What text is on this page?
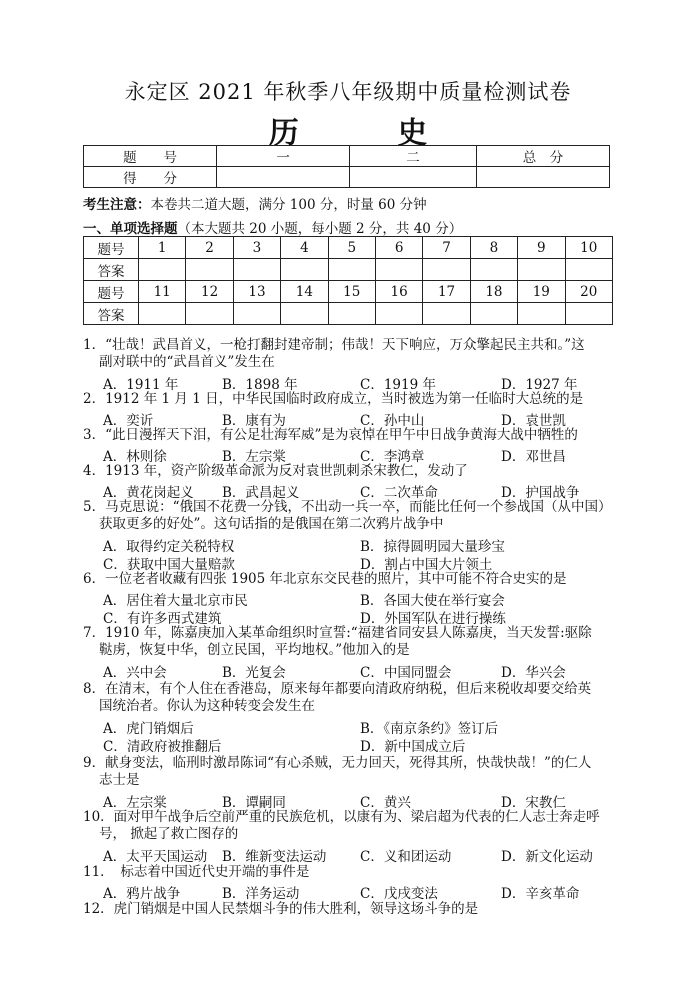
永定区 2021 年秋季八年级期中质量检测试卷
历 史
题　　号	一	二	总　分
得　　分			
考生注意：本卷共二道大题，满分 100 分，时量 60 分钟
一、单项选择题（本大题共 20 小题，每小题 2 分，共 40 分）
题号	1	2	3	4	5	6	7	8	9	10
答案										
题号	11	12	13	14	15	16	17	18	19	20
答案										
1．“壮哉！武昌首义，一枪打翻封建帝制；伟哉！天下响应，万众擎起民主共和。”这
副对联中的“武昌首义”发生在
A．1911 年	B．1898 年	C．1919 年	D．1927 年
2．1912 年 1 月 1 日，中华民国临时政府成立，当时被选为第一任临时大总统的是
A．奕䜣	B．康有为	C．孙中山	D．袁世凯
3．“此日漫挥天下泪，有公足壮海军威”是为哀悼在甲午中日战争黄海大战中牺牲的
A．林则徐	B．左宗棠	C．李鸿章	D．邓世昌
4．1913 年，资产阶级革命派为反对袁世凯刺杀宋教仁，发动了
A．黄花岗起义 B．武昌起义	C．二次革命	D．护国战争
5．马克思说：“俄国不花费一分钱，不出动一兵一卒，而能比任何一个参战国（从中国）
获取更多的好处”。这句话指的是俄国在第二次鸦片战争中
A．取得约定关税特权	B．掠得圆明园大量珍宝
C．获取中国大量赔款	D．割占中国大片领土
6．一位老者收藏有四张 1905 年北京东交民巷的照片，其中可能不符合史实的是
A．居住着大量北京市民	B．各国大使在举行宴会
C．有许多西式建筑	D．外国军队在进行操练
7．1910 年，陈嘉庚加入某革命组织时宣誓:“福建省同安县人陈嘉庚，当天发誓:驱除
鞑虏，恢复中华，创立民国，平均地权。”他加入的是
A．兴中会	B．光复会	C．中国同盟会	D．华兴会
8．在清末，有个人住在香港岛，原来每年都要向清政府纳税，但后来税收却要交给英
国统治者。你认为这种转变会发生在
A．虎门销烟后	B．《南京条约》签订后
C．清政府被推翻后	D．新中国成立后
9．献身变法，临刑时激昂陈词“有心杀贼，无力回天，死得其所，快哉快哉！”的仁人
志士是
A．左宗棠	B．谭嗣同	C．黄兴	D．宋教仁
10．面对甲午战争后空前严重的民族危机，以康有为、梁启超为代表的仁人志士奔走呼
号， 掀起了救亡图存的
A．太平天国运动 B．维新变法运动 C．义和团运动	D．新文化运动
11．　标志着中国近代史开端的事件是
A．鸦片战争	B．洋务运动	C．戊戌变法	D．辛亥革命
12．虎门销烟是中国人民禁烟斗争的伟大胜利，领导这场斗争的是
